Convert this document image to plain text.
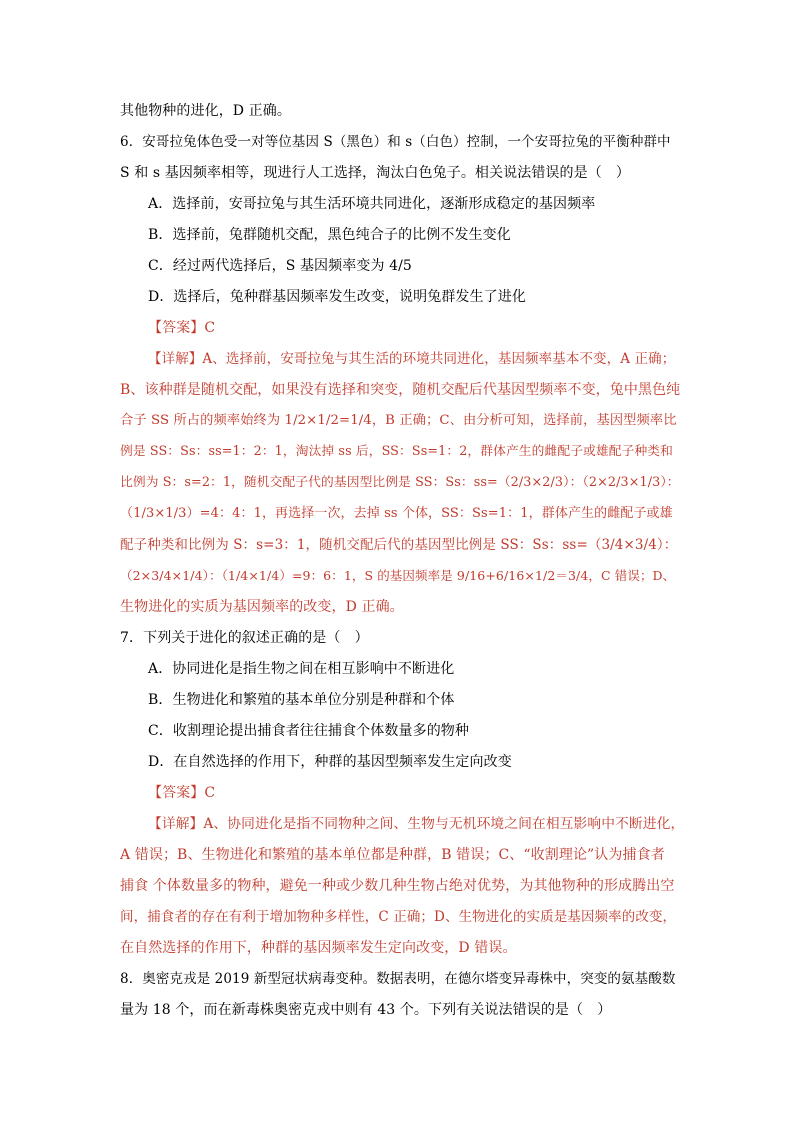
其他物种的进化，D 正确。
6．安哥拉兔体色受一对等位基因 S（黑色）和 s（白色）控制，一个安哥拉兔的平衡种群中
S 和 s 基因频率相等，现进行人工选择，淘汰白色兔子。相关说法错误的是（　）
A．选择前，安哥拉兔与其生活环境共同进化，逐渐形成稳定的基因频率
B．选择前，兔群随机交配，黑色纯合子的比例不发生变化
C．经过两代选择后，S 基因频率变为 4/5
D．选择后，兔种群基因频率发生改变，说明兔群发生了进化
【答案】C
【详解】A、选择前，安哥拉兔与其生活的环境共同进化，基因频率基本不变，A 正确；
B、该种群是随机交配，如果没有选择和突变，随机交配后代基因型频率不变，兔中黑色纯
合子 SS 所占的频率始终为 1/2×1/2=1/4，B 正确；C、由分析可知，选择前，基因型频率比
例是 SS：Ss：ss=1：2：1，淘汰掉 ss 后，SS：Ss=1：2，群体产生的雌配子或雄配子种类和
比例为 S：s=2：1，随机交配子代的基因型比例是 SS：Ss：ss=（2/3×2/3）：（2×2/3×1/3）：
（1/3×1/3）=4：4：1，再选择一次，去掉 ss 个体，SS：Ss=1：1，群体产生的雌配子或雄
配子种类和比例为 S：s=3：1，随机交配后代的基因型比例是 SS：Ss：ss=（3/4×3/4）：
（2×3/4×1/4）：（1/4×1/4）=9：6：1，S 的基因频率是 9/16+6/16×1/2＝3/4，C 错误；D、
生物进化的实质为基因频率的改变，D 正确。
7．下列关于进化的叙述正确的是（　）
A．协同进化是指生物之间在相互影响中不断进化
B．生物进化和繁殖的基本单位分别是种群和个体
C．收割理论提出捕食者往往捕食个体数量多的物种
D．在自然选择的作用下，种群的基因型频率发生定向改变
【答案】C
【详解】A、协同进化是指不同物种之间、生物与无机环境之间在相互影响中不断进化，
A 错误；B、生物进化和繁殖的基本单位都是种群，B 错误；C、“收割理论”认为捕食者
捕食 个体数量多的物种，避免一种或少数几种生物占绝对优势，为其他物种的形成腾出空
间，捕食者的存在有利于增加物种多样性，C 正确；D、生物进化的实质是基因频率的改变，
在自然选择的作用下，种群的基因频率发生定向改变，D 错误。
8．奥密克戎是 2019 新型冠状病毒变种。数据表明，在德尔塔变异毒株中，突变的氨基酸数
量为 18 个，而在新毒株奥密克戎中则有 43 个。下列有关说法错误的是（　）
